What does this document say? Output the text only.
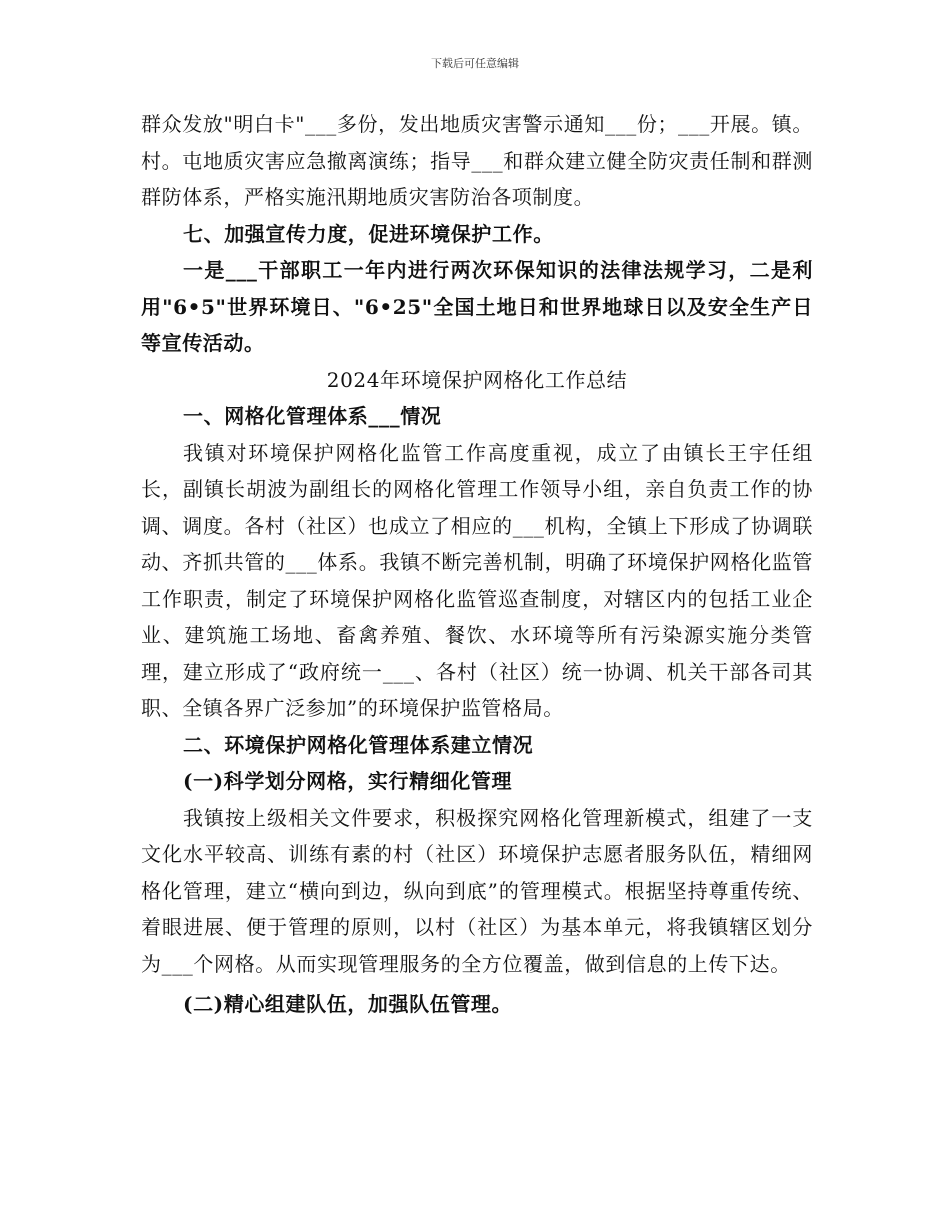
下载后可任意编辑

群众发放"明白卡"___多份，发出地质灾害警示通知___份；___开展。镇。村。屯地质灾害应急撤离演练；指导___和群众建立健全防灾责任制和群测群防体系，严格实施汛期地质灾害防治各项制度。

七、加强宣传力度，促进环境保护工作。

一是___干部职工一年内进行两次环保知识的法律法规学习，二是利用"6•5"世界环境日、"6•25"全国土地日和世界地球日以及安全生产日等宣传活动。

2024年环境保护网格化工作总结

一、网格化管理体系___情况

我镇对环境保护网格化监管工作高度重视，成立了由镇长王宇任组长，副镇长胡波为副组长的网格化管理工作领导小组，亲自负责工作的协调、调度。各村（社区）也成立了相应的___机构，全镇上下形成了协调联动、齐抓共管的___体系。我镇不断完善机制，明确了环境保护网格化监管工作职责，制定了环境保护网格化监管巡查制度，对辖区内的包括工业企业、建筑施工场地、畜禽养殖、餐饮、水环境等所有污染源实施分类管理，建立形成了“政府统一___、各村（社区）统一协调、机关干部各司其职、全镇各界广泛参加”的环境保护监管格局。

二、环境保护网格化管理体系建立情况

(一)科学划分网格，实行精细化管理

我镇按上级相关文件要求，积极探究网格化管理新模式，组建了一支文化水平较高、训练有素的村（社区）环境保护志愿者服务队伍，精细网格化管理，建立“横向到边，纵向到底”的管理模式。根据坚持尊重传统、着眼进展、便于管理的原则，以村（社区）为基本单元，将我镇辖区划分为___个网格。从而实现管理服务的全方位覆盖，做到信息的上传下达。

(二)精心组建队伍，加强队伍管理。
